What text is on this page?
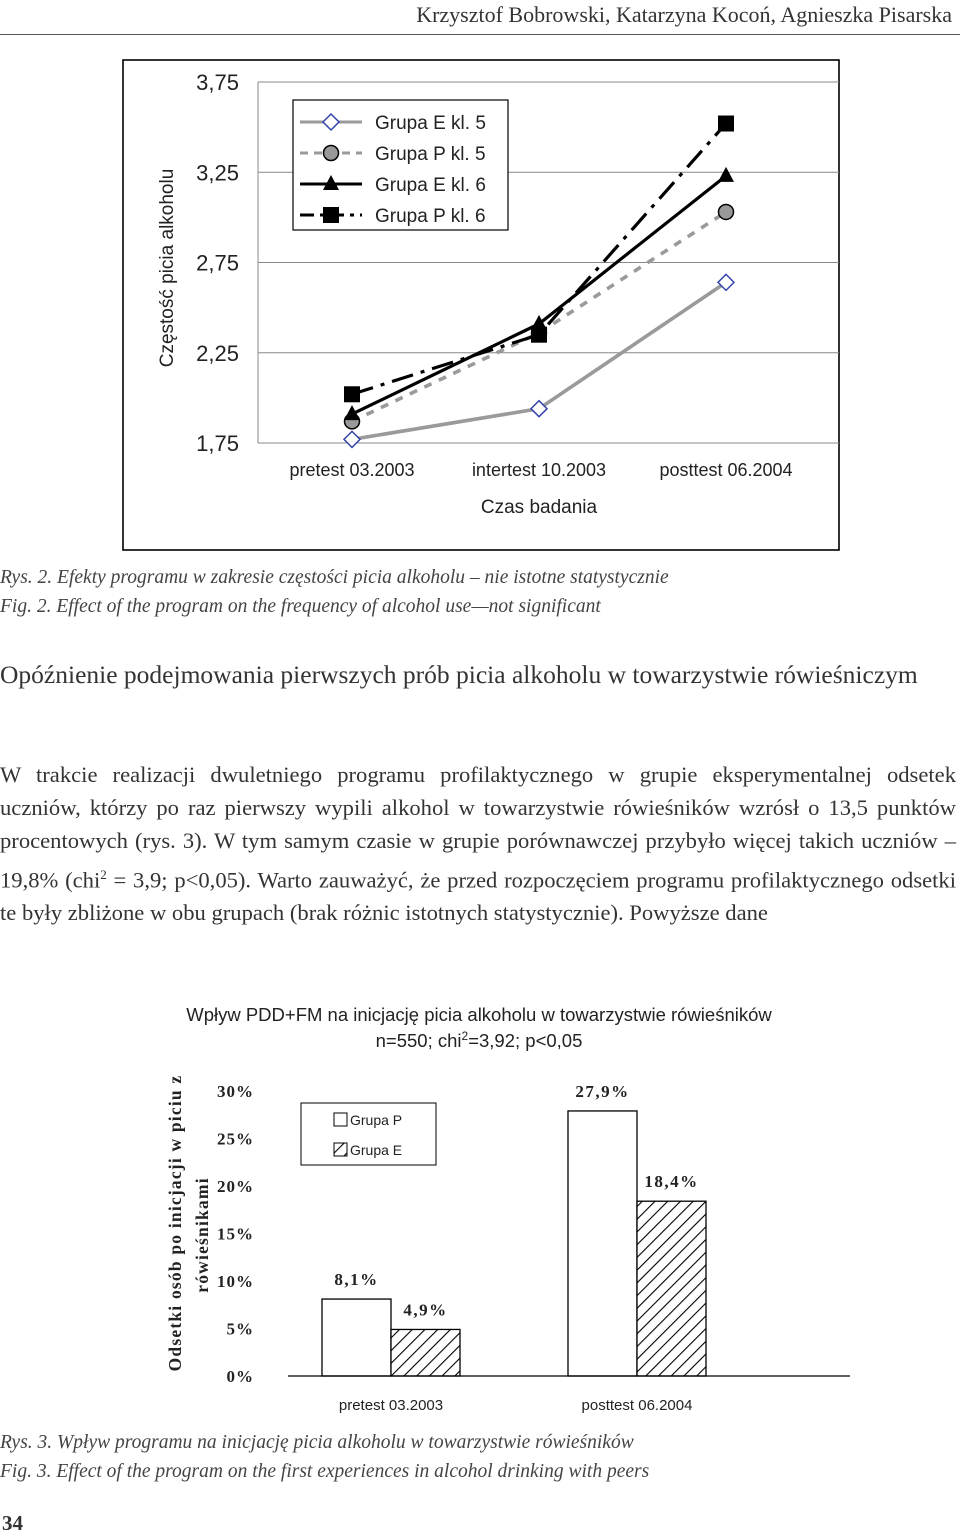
Krzysztof Bobrowski, Katarzyna Kocoń, Agnieszka Pisarska
3,75
3,25
2,75
2,25
1,75
pretest 03.2003	intertest 10.2003	posttest 06.2004
Częstość picia alkoholu
Czas badania
Grupa E kl. 5
Grupa P kl. 5
Grupa E kl. 6
Grupa P kl. 6
Rys. 2. Efekty programu w zakresie częstości picia alkoholu – nie istotne statystycznie
Fig. 2. Effect of the program on the frequency of alcohol use—not significant
Opóźnienie podejmowania pierwszych prób picia alkoholu w towarzystwie rówieśniczym
W trakcie realizacji dwuletniego programu profilaktycznego w grupie eksperymentalnej odsetek uczniów, którzy po raz pierwszy wypili alkohol w towarzystwie rówieśników wzrósł o 13,5 punktów procentowych (rys. 3). W tym samym czasie w grupie porównawczej przybyło więcej takich uczniów – 19,8% (chi$^2$ = 3,9; p<0,05). Warto zauważyć, że przed rozpoczęciem programu profilaktycznego odsetki te były zbliżone w obu grupach (brak różnic istotnych statystycznie). Powyższe dane
Wpływ PDD+FM na inicjację picia alkoholu w towarzystwie rówieśników
n=550; chi$^2$=3,92; p<0,05
Odsetki osób po inicjacji w piciu z rówieśnikami
30%
25%
20%
15%
10%
5%
0%
8,1%
27,9%
4,9%
18,4%
pretest 03.2003	posttest 06.2004
Grupa P
Grupa E
Rys. 3. Wpływ programu na inicjację picia alkoholu w towarzystwie rówieśników
Fig. 3. Effect of the program on the first experiences in alcohol drinking with peers
34
